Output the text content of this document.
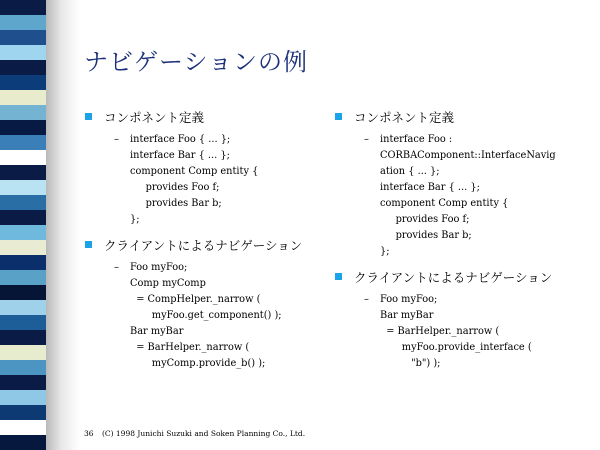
ナビゲーションの例
コンポネント定義
–	interface Foo { ... };
interface Bar { ... };
component Comp entity {
provides Foo f;
provides Bar b;
};
クライアントによるナビゲーション
–	Foo myFoo;
Comp myComp
= CompHelper._narrow (
myFoo.get_component() );
Bar myBar
= BarHelper._narrow (
myComp.provide_b() );
コンポネント定義
–	interface Foo :
CORBAComponent::InterfaceNavig
ation { ... };
interface Bar { ... };
component Comp entity {
provides Foo f;
provides Bar b;
};
クライアントによるナビゲーション
–	Foo myFoo;
Bar myBar
= BarHelper._narrow (
myFoo.provide_interface (
"b") );
36 (C) 1998 Junichi Suzuki and Soken Planning Co., Ltd.
